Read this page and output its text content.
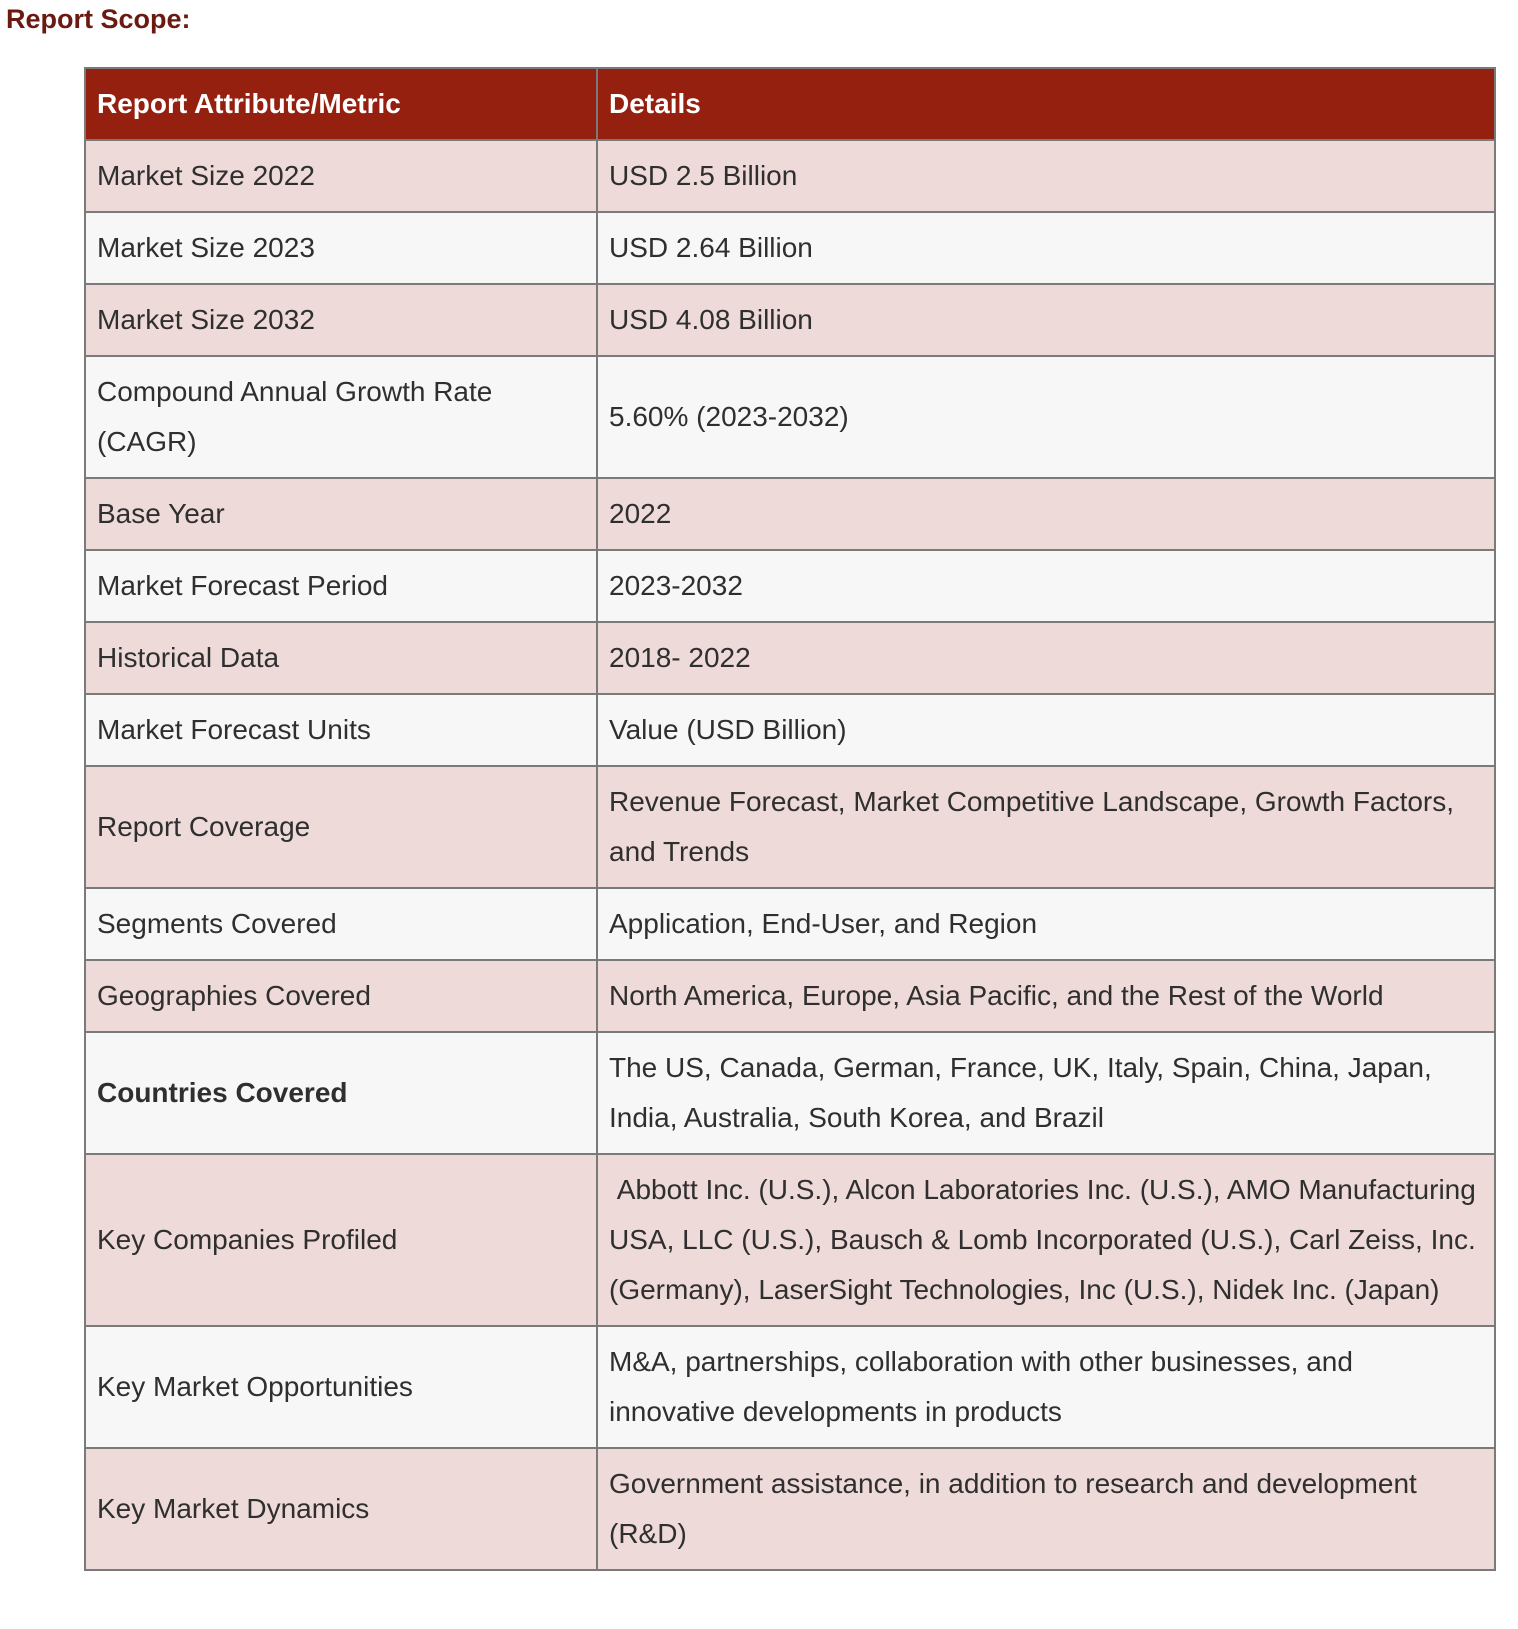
Report Scope:
Report Attribute/Metric	Details
Market Size 2022	USD 2.5 Billion
Market Size 2023	USD 2.64 Billion
Market Size 2032	USD 4.08 Billion
Compound Annual Growth Rate (CAGR)	5.60% (2023-2032)
Base Year	2022
Market Forecast Period	2023-2032
Historical Data	2018- 2022
Market Forecast Units	Value (USD Billion)
Report Coverage	Revenue Forecast, Market Competitive Landscape, Growth Factors, and Trends
Segments Covered	Application, End-User, and Region
Geographies Covered	North America, Europe, Asia Pacific, and the Rest of the World
Countries Covered	The US, Canada, German, France, UK, Italy, Spain, China, Japan, India, Australia, South Korea, and Brazil
Key Companies Profiled	Abbott Inc. (U.S.), Alcon Laboratories Inc. (U.S.), AMO Manufacturing USA, LLC (U.S.), Bausch & Lomb Incorporated (U.S.), Carl Zeiss, Inc. (Germany), LaserSight Technologies, Inc (U.S.), Nidek Inc. (Japan)
Key Market Opportunities	M&A, partnerships, collaboration with other businesses, and innovative developments in products
Key Market Dynamics	Government assistance, in addition to research and development (R&D)
